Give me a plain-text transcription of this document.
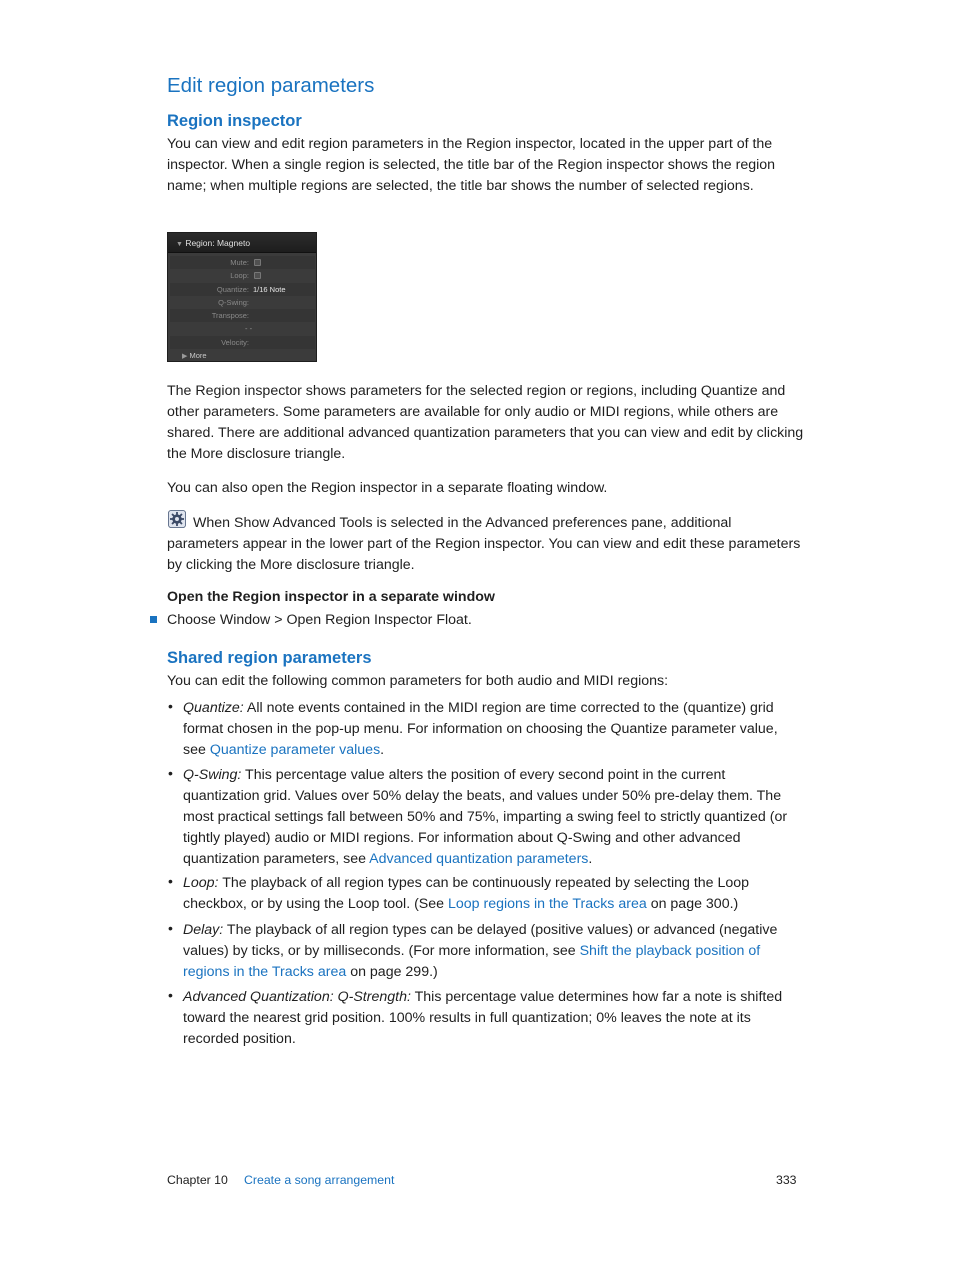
Edit region parameters
Region inspector
You can view and edit region parameters in the Region inspector, located in the upper part of the inspector. When a single region is selected, the title bar of the Region inspector shows the region name; when multiple regions are selected, the title bar shows the number of selected regions.
▼ Region: Magneto
Mute:
Loop:
Quantize: 1/16 Note
Q-Swing:
Transpose:
- -
Velocity:
▶ More
The Region inspector shows parameters for the selected region or regions, including Quantize and other parameters. Some parameters are available for only audio or MIDI regions, while others are shared. There are additional advanced quantization parameters that you can view and edit by clicking the More disclosure triangle.
You can also open the Region inspector in a separate floating window.
When Show Advanced Tools is selected in the Advanced preferences pane, additional parameters appear in the lower part of the Region inspector. You can view and edit these parameters by clicking the More disclosure triangle.
Open the Region inspector in a separate window
Choose Window > Open Region Inspector Float.
Shared region parameters
You can edit the following common parameters for both audio and MIDI regions:
• Quantize: All note events contained in the MIDI region are time corrected to the (quantize) grid format chosen in the pop-up menu. For information on choosing the Quantize parameter value, see Quantize parameter values.
• Q-Swing: This percentage value alters the position of every second point in the current quantization grid. Values over 50% delay the beats, and values under 50% pre-delay them. The most practical settings fall between 50% and 75%, imparting a swing feel to strictly quantized (or tightly played) audio or MIDI regions. For information about Q-Swing and other advanced quantization parameters, see Advanced quantization parameters.
• Loop: The playback of all region types can be continuously repeated by selecting the Loop checkbox, or by using the Loop tool. (See Loop regions in the Tracks area on page 300.)
• Delay: The playback of all region types can be delayed (positive values) or advanced (negative values) by ticks, or by milliseconds. (For more information, see Shift the playback position of regions in the Tracks area on page 299.)
• Advanced Quantization: Q-Strength: This percentage value determines how far a note is shifted toward the nearest grid position. 100% results in full quantization; 0% leaves the note at its recorded position.
Chapter 10 Create a song arrangement	333
